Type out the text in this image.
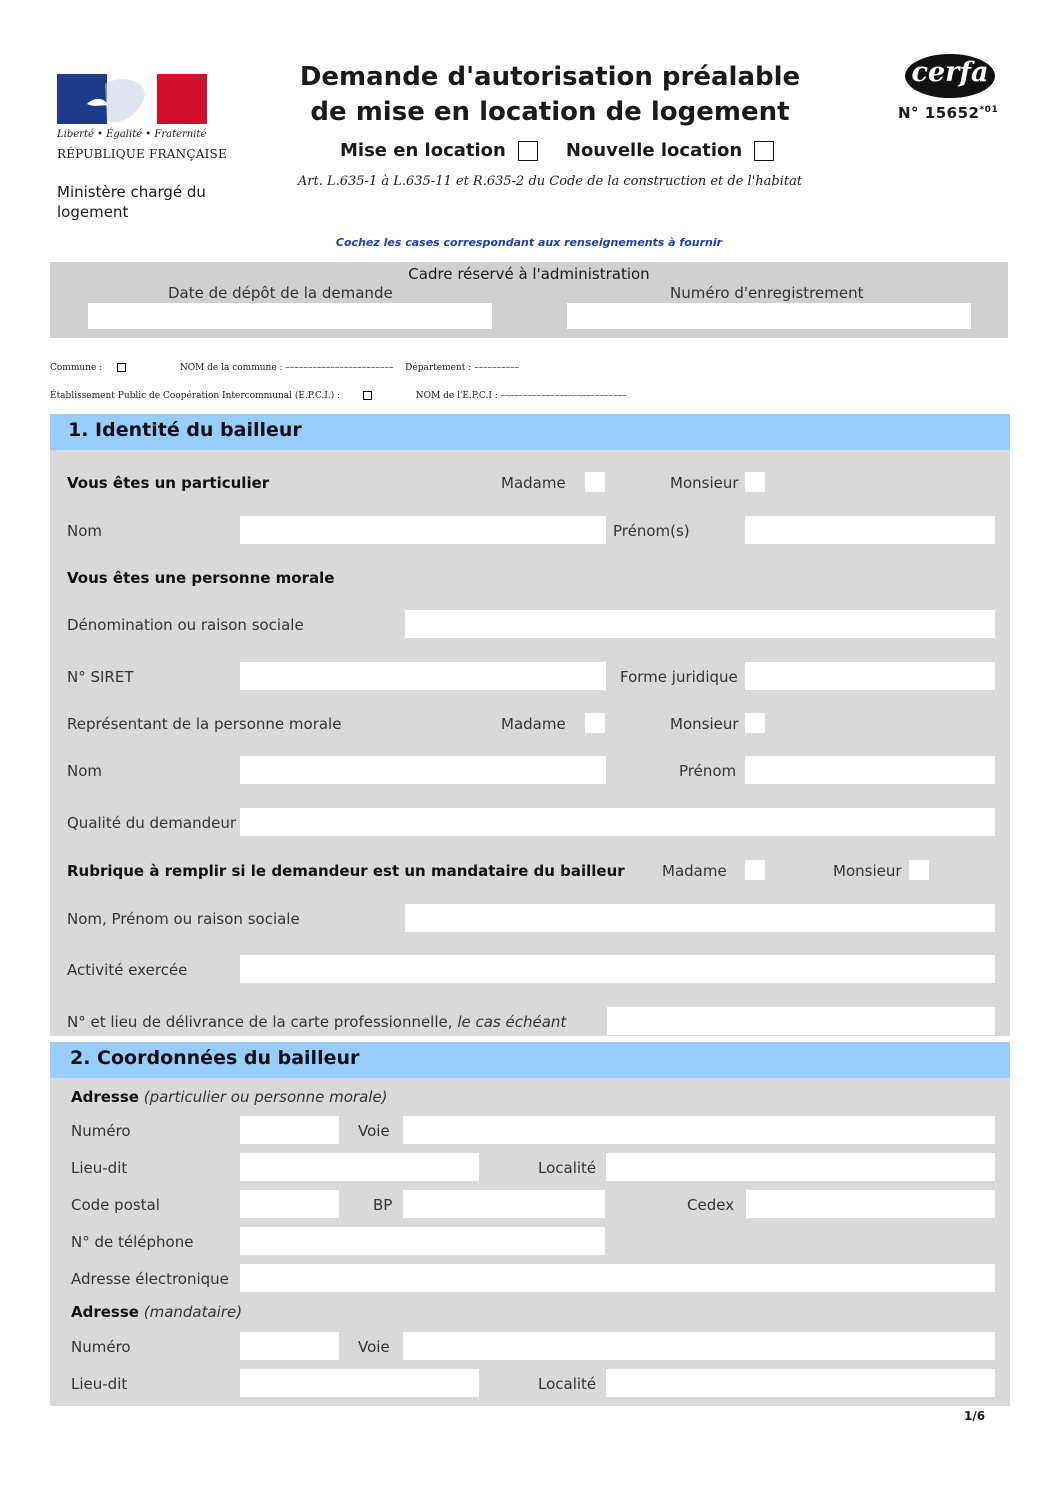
Liberté • Égalité • Fraternité
RÉPUBLIQUE FRANÇAISE
Ministère chargé du logement
Demande d'autorisation préalable
de mise en location de logement
Mise en location	Nouvelle location
Art. L.635-1 à L.635-11 et R.635-2 du Code de la construction et de l'habitat
cerfa
N° 15652$^{*01}$
Cochez les cases correspondant aux renseignements à fournir
Cadre réservé à l'administration
Date de dépôt de la demande	Numéro d'enregistrement
Commune :	NOM de la commune : –––––––––––––––––––––––– Département : ––––––––––
Établissement Public de Coopération Intercommunal (E.P.C.I.) :	NOM de l'E.P.C.I : ––––––––––––––––––––––––––––
1. Identité du bailleur
Vous êtes un particulier	Madame	Monsieur
Nom	Prénom(s)
Vous êtes une personne morale
Dénomination ou raison sociale
N° SIRET	Forme juridique
Représentant de la personne morale	Madame	Monsieur
Nom	Prénom
Qualité du demandeur
Rubrique à remplir si le demandeur est un mandataire du bailleur Madame	Monsieur
Nom, Prénom ou raison sociale
Activité exercée
N° et lieu de délivrance de la carte professionnelle, le cas échéant
2. Coordonnées du bailleur
Adresse (particulier ou personne morale)
Numéro	Voie
Lieu-dit	Localité
Code postal	BP	Cedex
N° de téléphone
Adresse électronique
Adresse (mandataire)
Numéro	Voie
Lieu-dit	Localité
1/6
